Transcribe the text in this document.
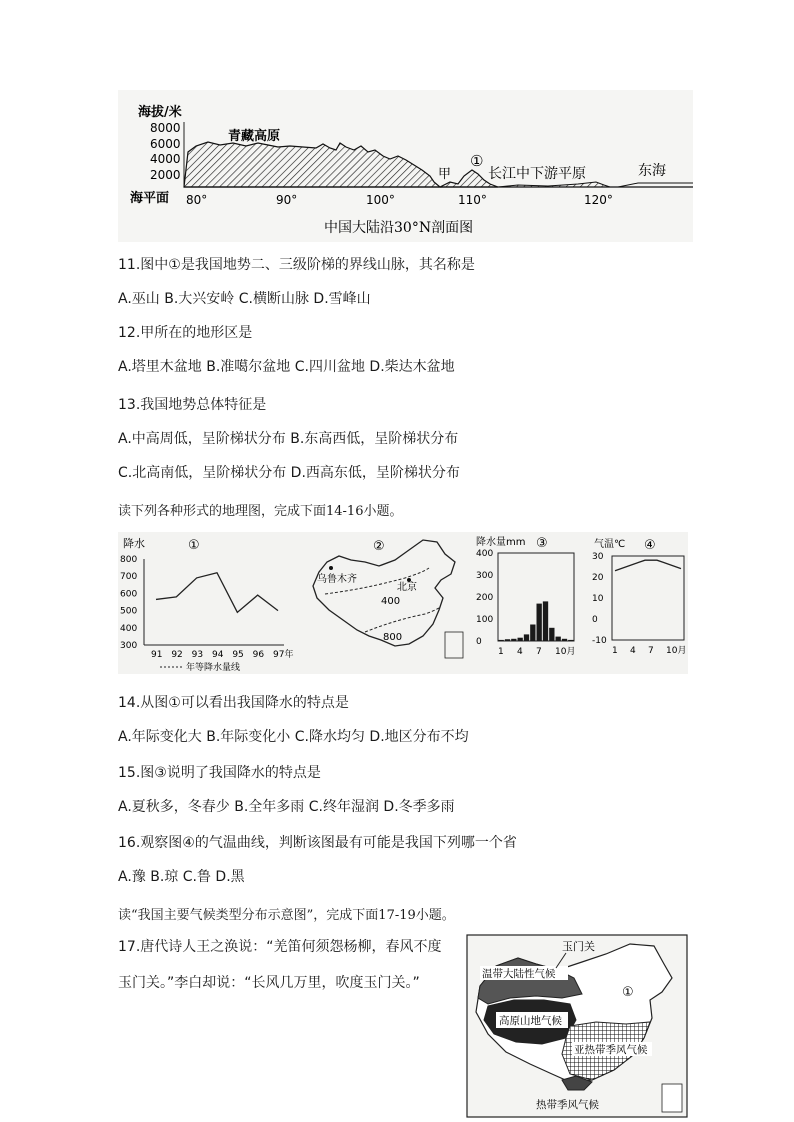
海拔/米
8000
6000
4000
2000
青藏高原
甲
①
长江中下游平原	东海
海平面 80°	90°	100°	110°	120°
中国大陆沿30°N剖面图
11.图中①是我国地势二、三级阶梯的界线山脉，其名称是
A.巫山 B.大兴安岭 C.横断山脉 D.雪峰山
12.甲所在的地形区是
A.塔里木盆地 B.准噶尔盆地 C.四川盆地 D.柴达木盆地
13.我国地势总体特征是
A.中高周低，呈阶梯状分布 B.东高西低，呈阶梯状分布
C.北高南低，呈阶梯状分布 D.西高东低，呈阶梯状分布
读下列各种形式的地理图，完成下面14-16小题。
降水	①
800
700
600
500
400
300
91 92 93 94 95 96 97年
年等降水量线
②
乌鲁木齐
北京
400
800
降水量mm ③
400
300
200
100
0
1 4 7 10月
气温℃ ④
30
20
10
0
-10
1 4 7 10月
14.从图①可以看出我国降水的特点是
A.年际变化大 B.年际变化小 C.降水均匀 D.地区分布不均
15.图③说明了我国降水的特点是
A.夏秋多，冬春少 B.全年多雨 C.终年湿润 D.冬季多雨
16.观察图④的气温曲线，判断该图最有可能是我国下列哪一个省
A.豫 B.琼 C.鲁 D.黑
读“我国主要气候类型分布示意图”，完成下面17-19小题。
17.唐代诗人王之涣说：“羌笛何须怨杨柳，春风不度
玉门关。”李白却说：“长风几万里，吹度玉门关。”
温带大陆性气候
高原山地气候
亚热带季风气候
玉门关
①
热带季风气候
